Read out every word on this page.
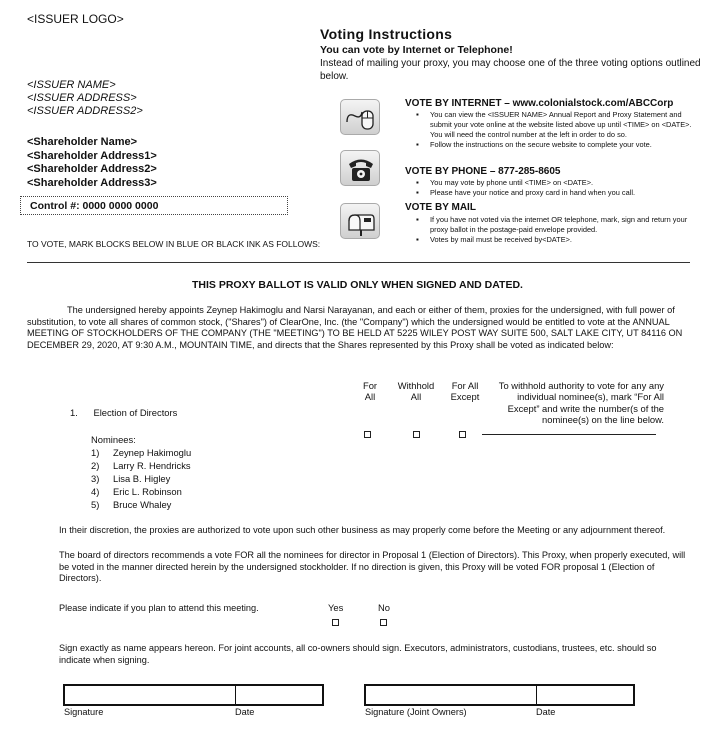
<ISSUER LOGO>
<ISSUER NAME>
<ISSUER ADDRESS>
<ISSUER ADDRESS2>
<Shareholder Name>
<Shareholder Address1>
<Shareholder Address2>
<Shareholder Address3>
Control #: 0000 0000 0000
TO VOTE, MARK BLOCKS BELOW IN BLUE OR BLACK INK AS FOLLOWS:
Voting Instructions
You can vote by Internet or Telephone!
Instead of mailing your proxy, you may choose one of the three voting options outlined below.
VOTE BY INTERNET – www.colonialstock.com/ABCCorp
▪ You can view the <ISSUER NAME> Annual Report and Proxy Statement and submit your vote online at the website listed above up until <TIME> on <DATE>. You will need the control number at the left in order to do so.
▪ Follow the instructions on the secure website to complete your vote.
VOTE BY PHONE – 877-285-8605
▪ You may vote by phone until <TIME> on <DATE>.
▪ Please have your notice and proxy card in hand when you call.
VOTE BY MAIL
▪ If you have not voted via the internet OR telephone, mark, sign and return your proxy ballot in the postage-paid envelope provided.
▪ Votes by mail must be received by<DATE>.
THIS PROXY BALLOT IS VALID ONLY WHEN SIGNED AND DATED.
The undersigned hereby appoints Zeynep Hakimoglu and Narsi Narayanan, and each or either of them, proxies for the undersigned, with full power of substitution, to vote all shares of common stock, ("Shares") of ClearOne, Inc. (the "Company") which the undersigned would be entitled to vote at the ANNUAL MEETING OF STOCKHOLDERS OF THE COMPANY (THE "MEETING") TO BE HELD AT 5225 WILEY POST WAY SUITE 500, SALT LAKE CITY, UT 84116 ON DECEMBER 29, 2020, AT 9:30 A.M., MOUNTAIN TIME, and directs that the Shares represented by this Proxy shall be voted as indicated below:
For
All
Withhold
All
For All
Except
To withhold authority to vote for any any individual nominee(s), mark “For All Except” and write the number(s of the nominee(s) on the line below.
1. Election of Directors
Nominees:
1)	Zeynep Hakimoglu
2)	Larry R. Hendricks
3)	Lisa B. Higley
4)	Eric L. Robinson
5)	Bruce Whaley
In their discretion, the proxies are authorized to vote upon such other business as may properly come before the Meeting or any adjournment thereof.
The board of directors recommends a vote FOR all the nominees for director in Proposal 1 (Election of Directors). This Proxy, when properly executed, will be voted in the manner directed herein by the undersigned stockholder. If no direction is given, this Proxy will be voted FOR proposal 1 (Election of Directors).
Please indicate if you plan to attend this meeting.	Yes	No
Sign exactly as name appears hereon. For joint accounts, all co-owners should sign. Executors, administrators, custodians, trustees, etc. should so indicate when signing.
Signature	Date	Signature (Joint Owners)	Date
